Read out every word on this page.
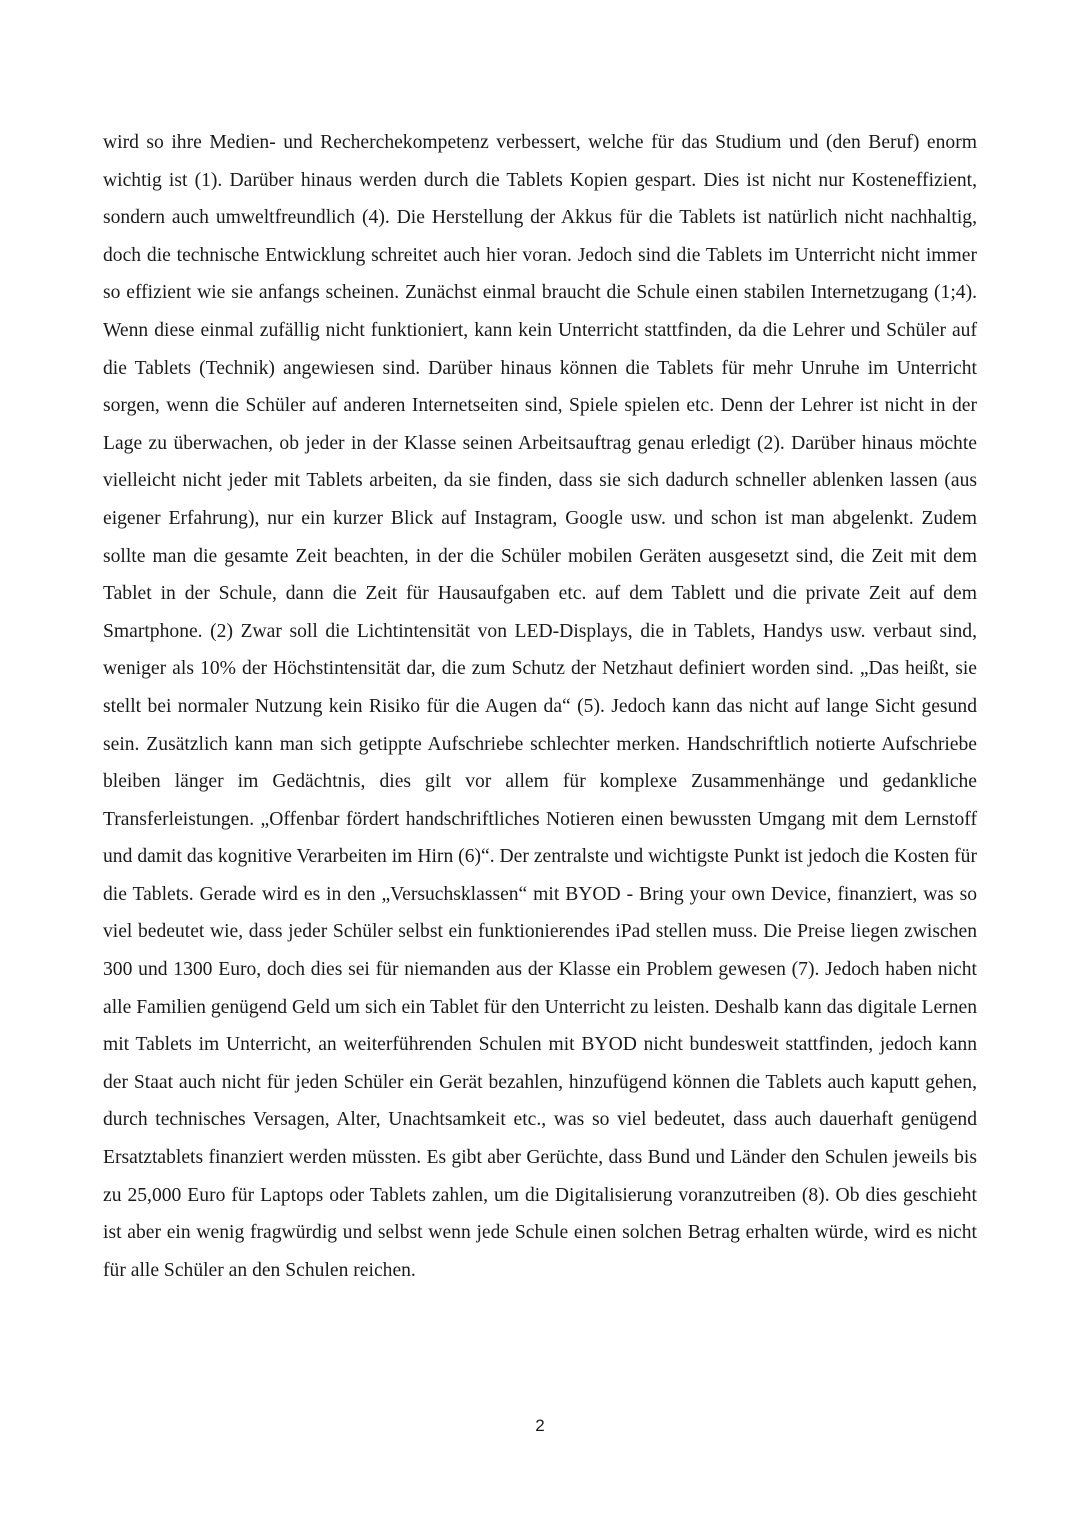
wird so ihre Medien- und Recherchekompetenz verbessert, welche für das Studium und (den Beruf) enorm wichtig ist (1). Darüber hinaus werden durch die Tablets Kopien gespart. Dies ist nicht nur Kosteneffizient, sondern auch umweltfreundlich (4). Die Herstellung der Akkus für die Tablets ist natürlich nicht nachhaltig, doch die technische Entwicklung schreitet auch hier voran. Jedoch sind die Tablets im Unterricht nicht immer so effizient wie sie anfangs scheinen. Zunächst einmal braucht die Schule einen stabilen Internetzugang (1;4). Wenn diese einmal zufällig nicht funktioniert, kann kein Unterricht stattfinden, da die Lehrer und Schüler auf die Tablets (Technik) angewiesen sind. Darüber hinaus können die Tablets für mehr Unruhe im Unterricht sorgen, wenn die Schüler auf anderen Internetseiten sind, Spiele spielen etc. Denn der Lehrer ist nicht in der Lage zu überwachen, ob jeder in der Klasse seinen Arbeitsauftrag genau erledigt (2). Darüber hinaus möchte vielleicht nicht jeder mit Tablets arbeiten, da sie finden, dass sie sich dadurch schneller ablenken lassen (aus eigener Erfahrung), nur ein kurzer Blick auf Instagram, Google usw. und schon ist man abgelenkt. Zudem sollte man die gesamte Zeit beachten, in der die Schüler mobilen Geräten ausgesetzt sind, die Zeit mit dem Tablet in der Schule, dann die Zeit für Hausaufgaben etc. auf dem Tablett und die private Zeit auf dem Smartphone. (2) Zwar soll die Lichtintensität von LED-Displays, die in Tablets, Handys usw. verbaut sind, weniger als 10% der Höchstintensität dar, die zum Schutz der Netzhaut definiert worden sind. „Das heißt, sie stellt bei normaler Nutzung kein Risiko für die Augen da“ (5). Jedoch kann das nicht auf lange Sicht gesund sein. Zusätzlich kann man sich getippte Aufschriebe schlechter merken. Handschriftlich notierte Aufschriebe bleiben länger im Gedächtnis, dies gilt vor allem für komplexe Zusammenhänge und gedankliche Transferleistungen. „Offenbar fördert handschriftliches Notieren einen bewussten Umgang mit dem Lernstoff und damit das kognitive Verarbeiten im Hirn (6)“. Der zentralste und wichtigste Punkt ist jedoch die Kosten für die Tablets. Gerade wird es in den „Versuchsklassen“ mit BYOD - Bring your own Device, finanziert, was so viel bedeutet wie, dass jeder Schüler selbst ein funktionierendes iPad stellen muss. Die Preise liegen zwischen 300 und 1300 Euro, doch dies sei für niemanden aus der Klasse ein Problem gewesen (7). Jedoch haben nicht alle Familien genügend Geld um sich ein Tablet für den Unterricht zu leisten. Deshalb kann das digitale Lernen mit Tablets im Unterricht, an weiterführenden Schulen mit BYOD nicht bundesweit stattfinden, jedoch kann der Staat auch nicht für jeden Schüler ein Gerät bezahlen, hinzufügend können die Tablets auch kaputt gehen, durch technisches Versagen, Alter, Unachtsamkeit etc., was so viel bedeutet, dass auch dauerhaft genügend Ersatztablets finanziert werden müssten. Es gibt aber Gerüchte, dass Bund und Länder den Schulen jeweils bis zu 25,000 Euro für Laptops oder Tablets zahlen, um die Digitalisierung voranzutreiben (8). Ob dies geschieht ist aber ein wenig fragwürdig und selbst wenn jede Schule einen solchen Betrag erhalten würde, wird es nicht für alle Schüler an den Schulen reichen.

2
